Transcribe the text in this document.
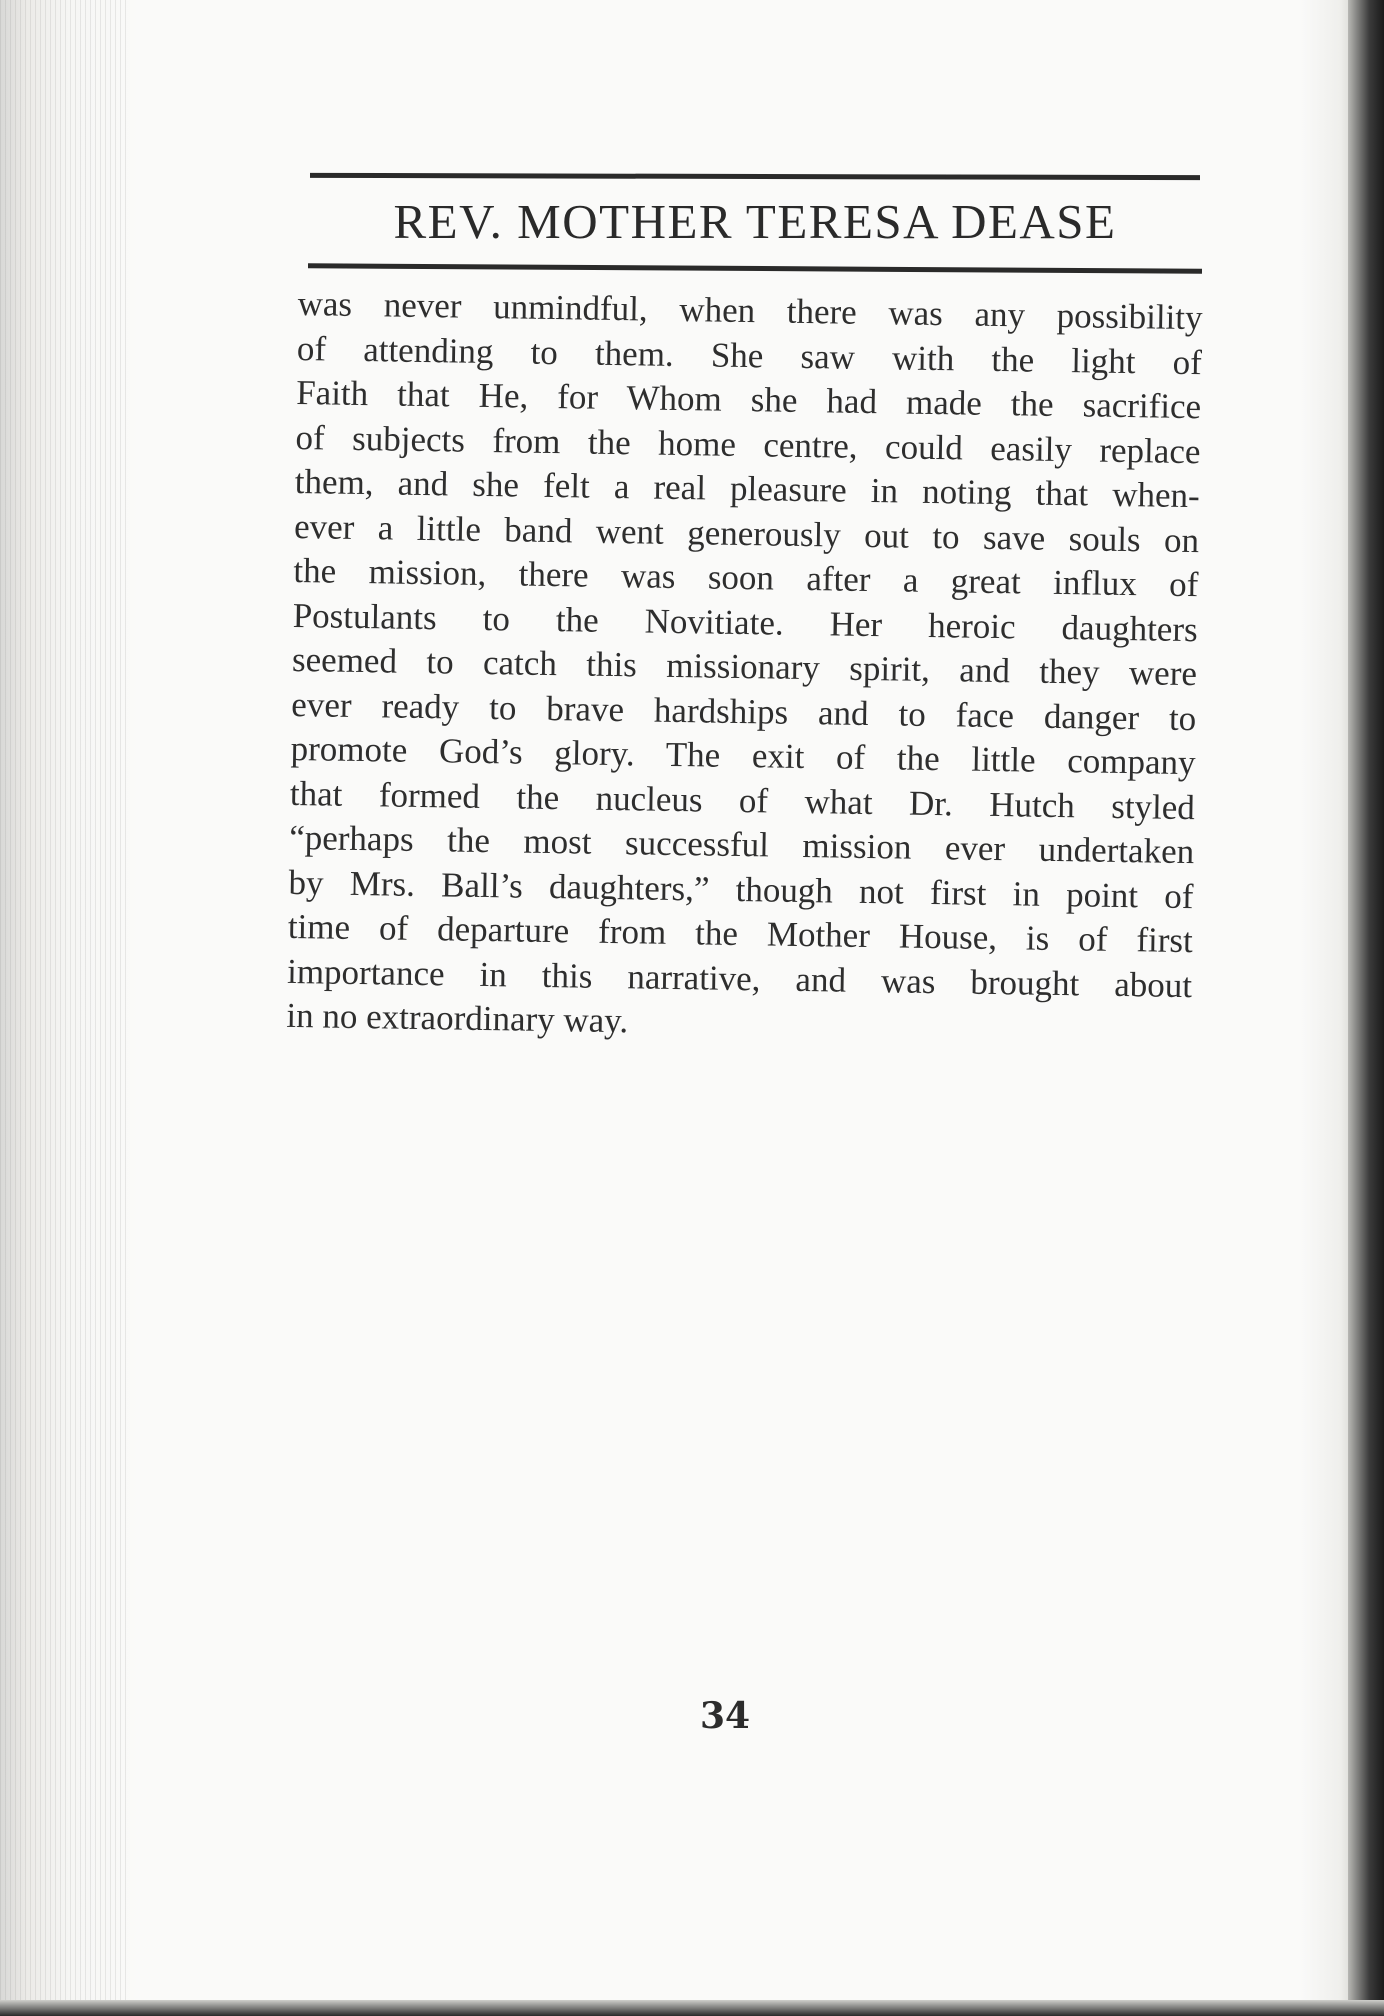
REV. MOTHER TERESA DEASE
was never unmindful, when there was any possibility
of attending to them. She saw with the light of
Faith that He, for Whom she had made the sacrifice
of subjects from the home centre, could easily replace
them, and she felt a real pleasure in noting that when-
ever a little band went generously out to save souls on
the mission, there was soon after a great influx of
Postulants to the Novitiate. Her heroic daughters
seemed to catch this missionary spirit, and they were
ever ready to brave hardships and to face danger to
promote God’s glory. The exit of the little company
that formed the nucleus of what Dr. Hutch styled
“perhaps the most successful mission ever undertaken
by Mrs. Ball’s daughters,” though not first in point of
time of departure from the Mother House, is of first
importance in this narrative, and was brought about
in no extraordinary way.
34
